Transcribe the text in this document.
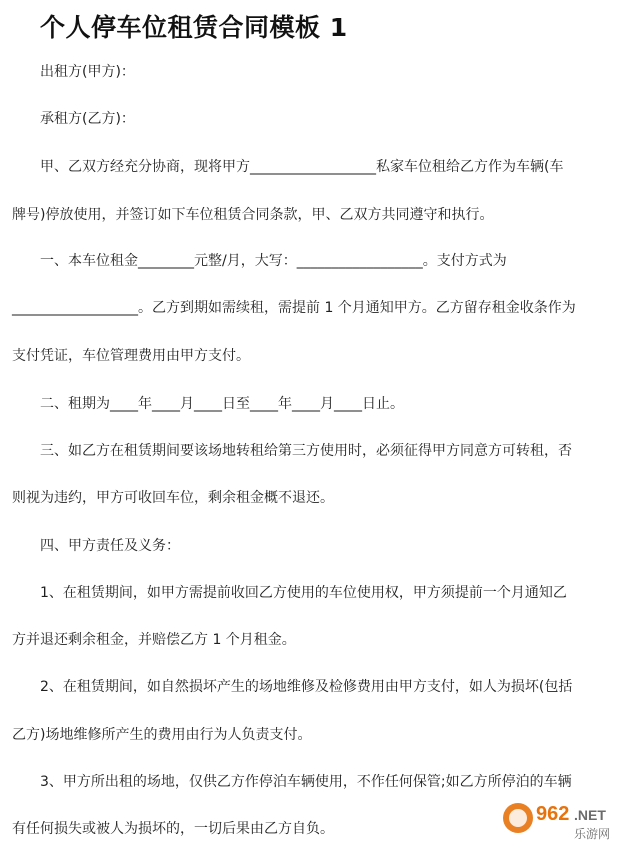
个人停车位租赁合同模板 1
出租方(甲方)：
承租方(乙方)：
甲、乙双方经充分协商，现将甲方__________________私家车位租给乙方作为车辆(车
牌号)停放使用，并签订如下车位租赁合同条款，甲、乙双方共同遵守和执行。
一、本车位租金________元整/月，大写：__________________。支付方式为
__________________。乙方到期如需续租，需提前 1 个月通知甲方。乙方留存租金收条作为
支付凭证，车位管理费用由甲方支付。
二、租期为____年____月____日至____年____月____日止。
三、如乙方在租赁期间要该场地转租给第三方使用时，必须征得甲方同意方可转租，否
则视为违约，甲方可收回车位，剩余租金概不退还。
四、甲方责任及义务：
1、在租赁期间，如甲方需提前收回乙方使用的车位使用权，甲方须提前一个月通知乙
方并退还剩余租金，并赔偿乙方 1 个月租金。
2、在租赁期间，如自然损坏产生的场地维修及检修费用由甲方支付，如人为损坏(包括
乙方)场地维修所产生的费用由行为人负责支付。
3、甲方所出租的场地，仅供乙方作停泊车辆使用，不作任何保管;如乙方所停泊的车辆
有任何损失或被人为损坏的，一切后果由乙方自负。
962 .NET
乐游网
